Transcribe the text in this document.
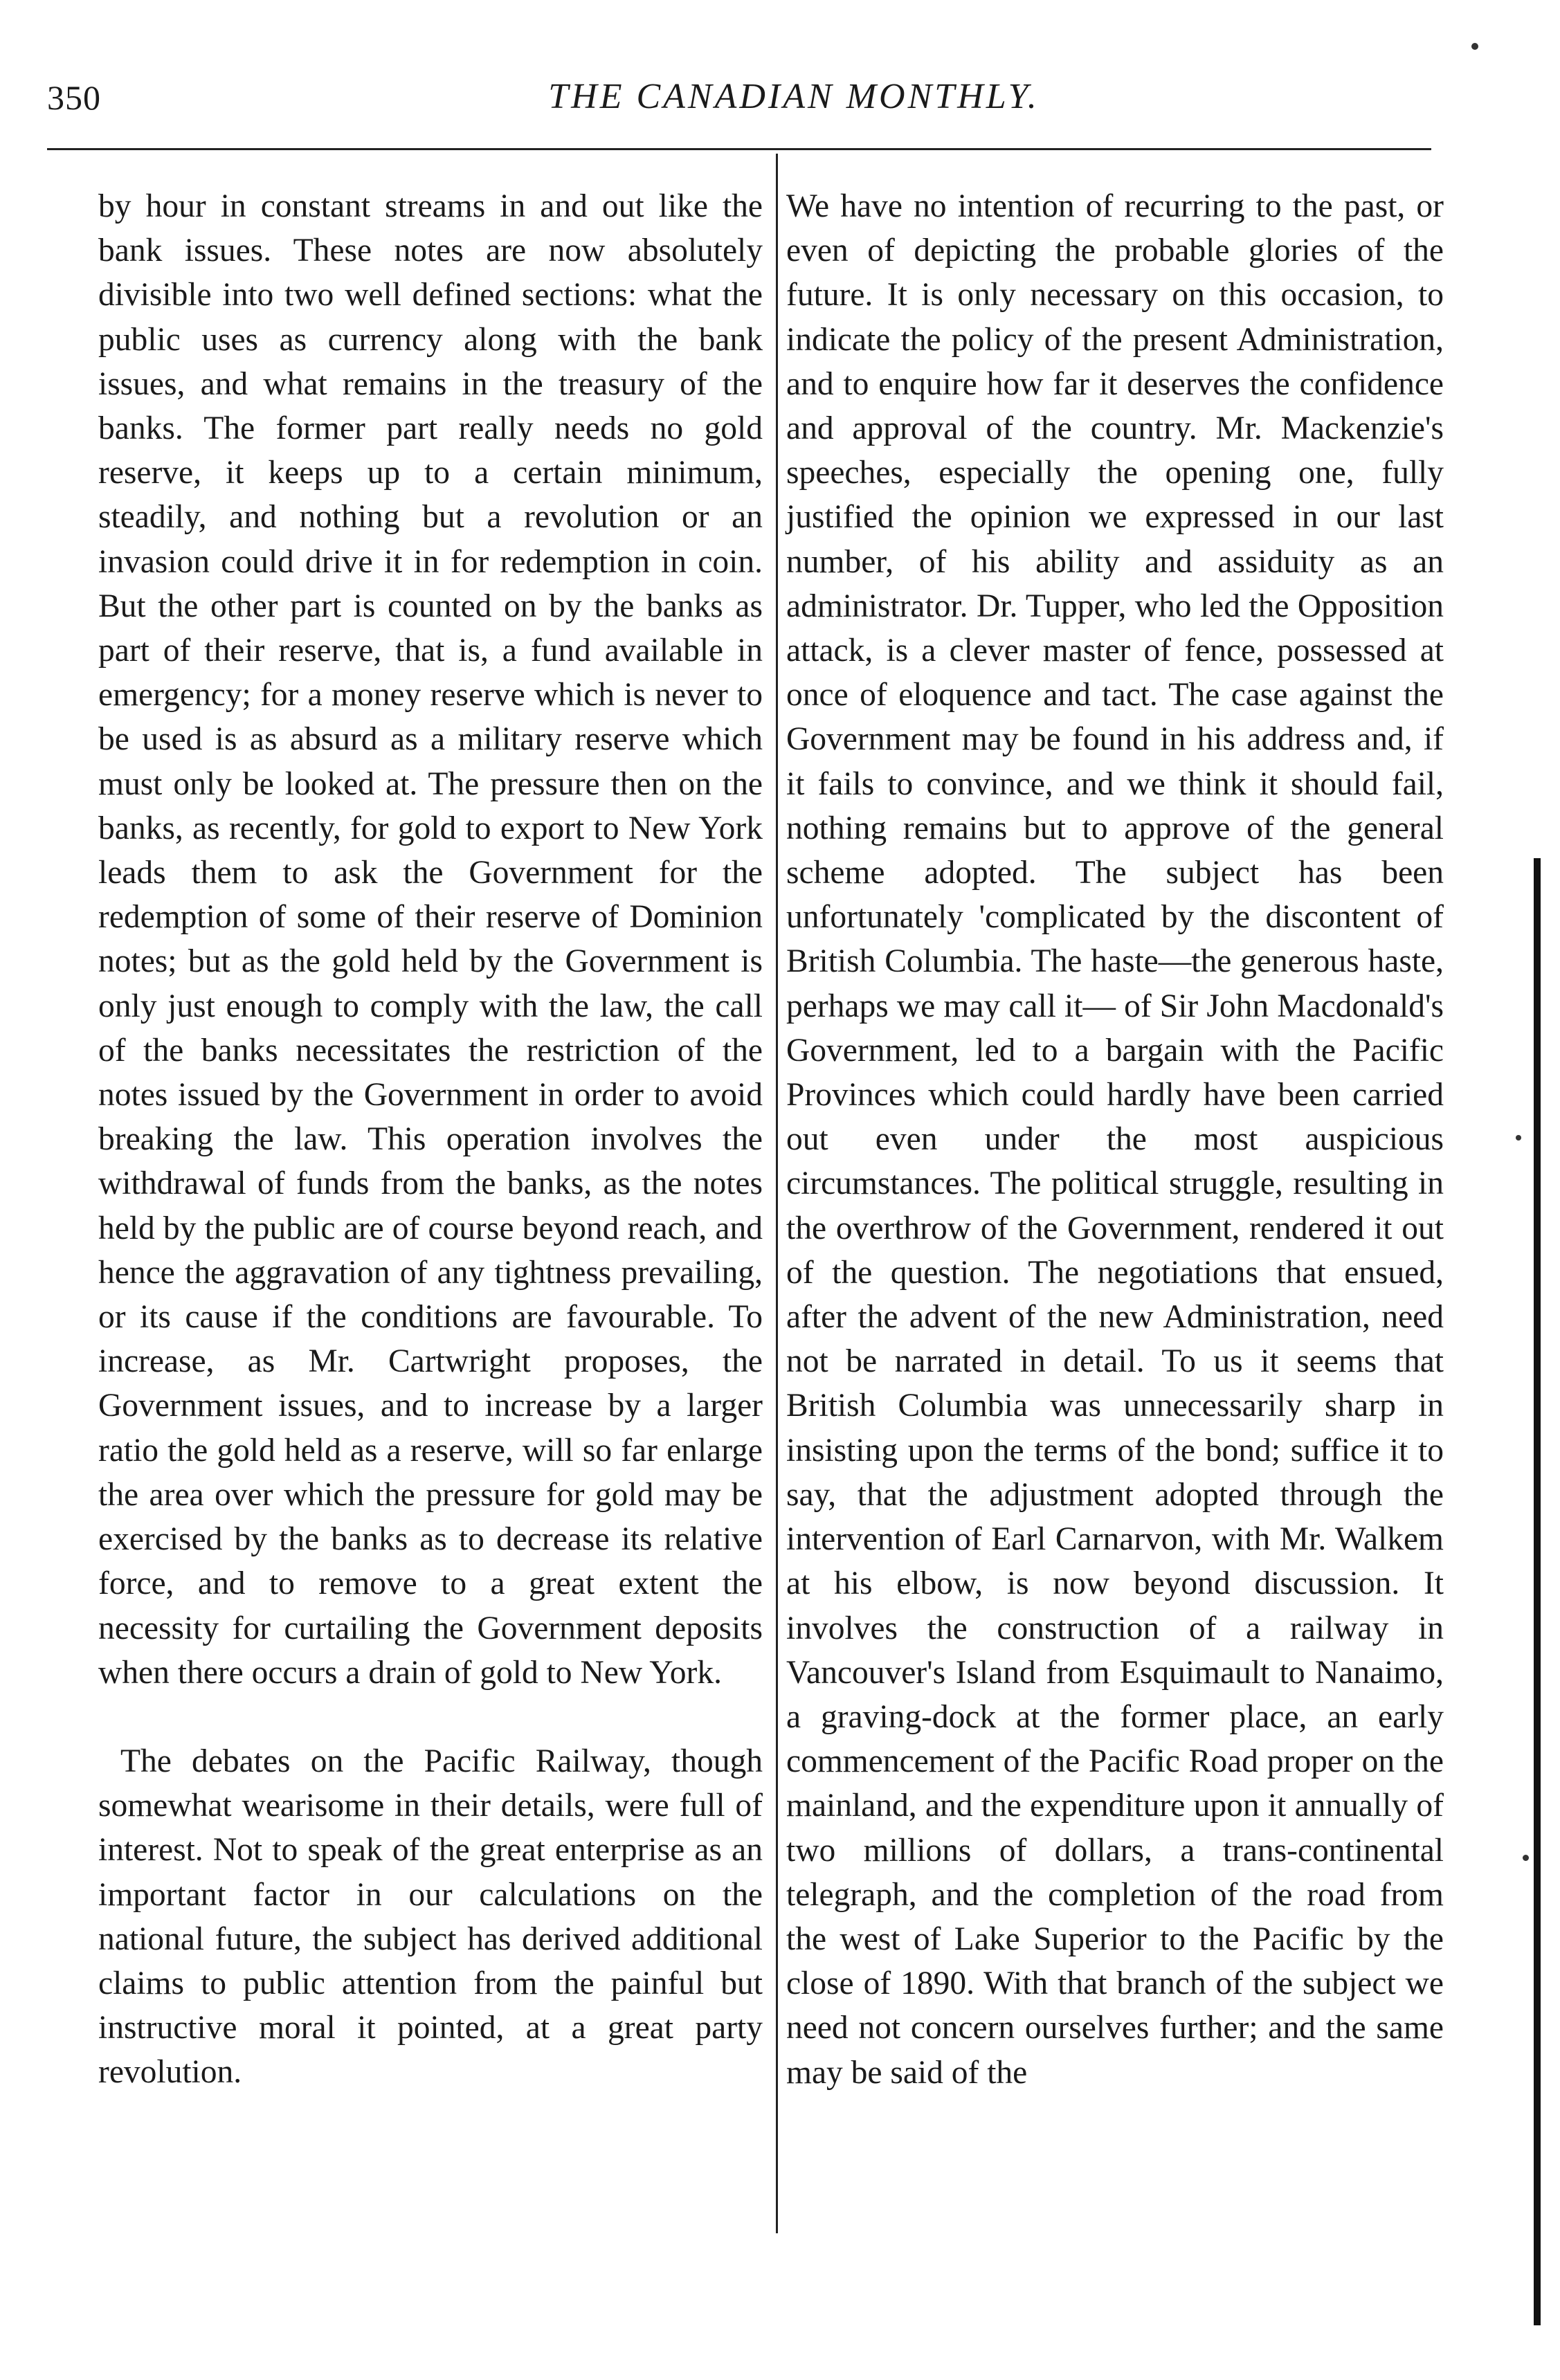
350	THE CANADIAN MONTHLY.

by hour in constant streams in and out like the bank issues. These notes are now absolutely divisible into two well defined sections: what the public uses as currency along with the bank issues, and what remains in the treasury of the banks. The former part really needs no gold reserve, it keeps up to a certain minimum, steadily, and nothing but a revolution or an invasion could drive it in for redemption in coin. But the other part is counted on by the banks as part of their reserve, that is, a fund available in emergency; for a money reserve which is never to be used is as absurd as a military reserve which must only be looked at. The pressure then on the banks, as recently, for gold to export to New York leads them to ask the Government for the redemption of some of their reserve of Dominion notes; but as the gold held by the Government is only just enough to comply with the law, the call of the banks necessitates the restriction of the notes issued by the Government in order to avoid breaking the law. This operation involves the withdrawal of funds from the banks, as the notes held by the public are of course beyond reach, and hence the aggravation of any tightness prevailing, or its cause if the conditions are favourable. To increase, as Mr. Cartwright proposes, the Government issues, and to increase by a larger ratio the gold held as a reserve, will so far enlarge the area over which the pressure for gold may be exercised by the banks as to decrease its relative force, and to remove to a great extent the necessity for curtailing the Government deposits when there occurs a drain of gold to New York.

The debates on the Pacific Railway, though somewhat wearisome in their details, were full of interest. Not to speak of the great enterprise as an important factor in our calculations on the national future, the subject has derived additional claims to public attention from the painful but instructive moral it pointed, at a great party revolution.

We have no intention of recurring to the past, or even of depicting the probable glories of the future. It is only necessary on this occasion, to indicate the policy of the present Administration, and to enquire how far it deserves the confidence and approval of the country. Mr. Mackenzie's speeches, especially the opening one, fully justified the opinion we expressed in our last number, of his ability and assiduity as an administrator. Dr. Tupper, who led the Opposition attack, is a clever master of fence, possessed at once of eloquence and tact. The case against the Government may be found in his address and, if it fails to convince, and we think it should fail, nothing remains but to approve of the general scheme adopted. The subject has been unfortunately 'complicated by the discontent of British Columbia. The haste—the generous haste, perhaps we may call it— of Sir John Macdonald's Government, led to a bargain with the Pacific Provinces which could hardly have been carried out even under the most auspicious circumstances. The political struggle, resulting in the overthrow of the Government, rendered it out of the question. The negotiations that ensued, after the advent of the new Administration, need not be narrated in detail. To us it seems that British Columbia was unnecessarily sharp in insisting upon the terms of the bond; suffice it to say, that the adjustment adopted through the intervention of Earl Carnarvon, with Mr. Walkem at his elbow, is now beyond discussion. It involves the construction of a railway in Vancouver's Island from Esquimault to Nanaimo, a graving-dock at the former place, an early commencement of the Pacific Road proper on the mainland, and the expenditure upon it annually of two millions of dollars, a trans-continental telegraph, and the completion of the road from the west of Lake Superior to the Pacific by the close of 1890. With that branch of the subject we need not concern ourselves further; and the same may be said of the
